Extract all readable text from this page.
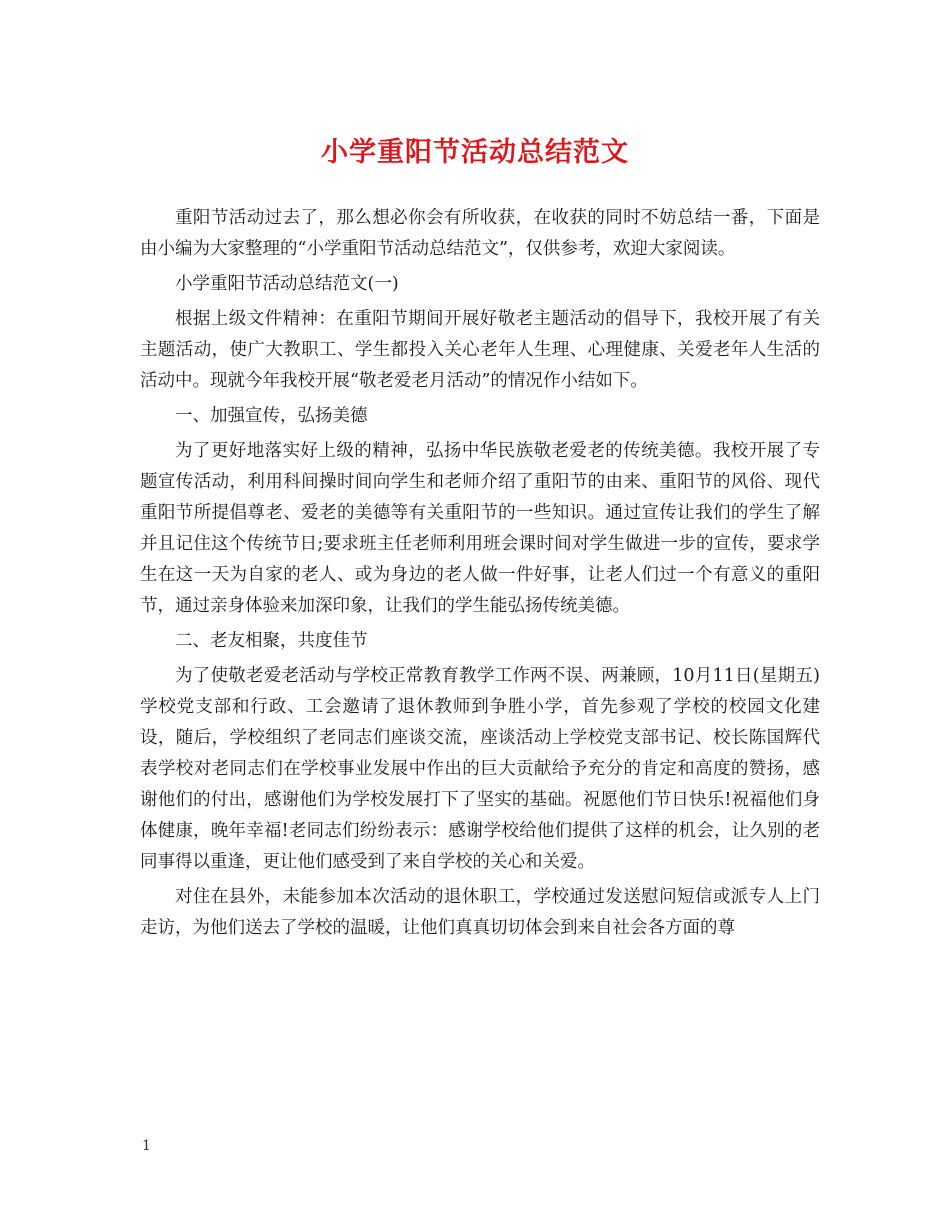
小学重阳节活动总结范文

重阳节活动过去了，那么想必你会有所收获，在收获的同时不妨总结一番，下面是由小编为大家整理的“小学重阳节活动总结范文”，仅供参考，欢迎大家阅读。

小学重阳节活动总结范文(一)

根据上级文件精神：在重阳节期间开展好敬老主题活动的倡导下，我校开展了有关主题活动，使广大教职工、学生都投入关心老年人生理、心理健康、关爱老年人生活的活动中。现就今年我校开展“敬老爱老月活动”的情况作小结如下。

一、加强宣传，弘扬美德

为了更好地落实好上级的精神，弘扬中华民族敬老爱老的传统美德。我校开展了专题宣传活动，利用科间操时间向学生和老师介绍了重阳节的由来、重阳节的风俗、现代重阳节所提倡尊老、爱老的美德等有关重阳节的一些知识。通过宣传让我们的学生了解并且记住这个传统节日;要求班主任老师利用班会课时间对学生做进一步的宣传，要求学生在这一天为自家的老人、或为身边的老人做一件好事，让老人们过一个有意义的重阳节，通过亲身体验来加深印象，让我们的学生能弘扬传统美德。

二、老友相聚，共度佳节

为了使敬老爱老活动与学校正常教育教学工作两不误、两兼顾，10月11日(星期五)学校党支部和行政、工会邀请了退休教师到争胜小学，首先参观了学校的校园文化建设，随后，学校组织了老同志们座谈交流，座谈活动上学校党支部书记、校长陈国辉代表学校对老同志们在学校事业发展中作出的巨大贡献给予充分的肯定和高度的赞扬，感谢他们的付出，感谢他们为学校发展打下了坚实的基础。祝愿他们节日快乐!祝福他们身体健康，晚年幸福!老同志们纷纷表示：感谢学校给他们提供了这样的机会，让久别的老同事得以重逢，更让他们感受到了来自学校的关心和关爱。

对住在县外，未能参加本次活动的退休职工，学校通过发送慰问短信或派专人上门走访，为他们送去了学校的温暖，让他们真真切切体会到来自社会各方面的尊

1
